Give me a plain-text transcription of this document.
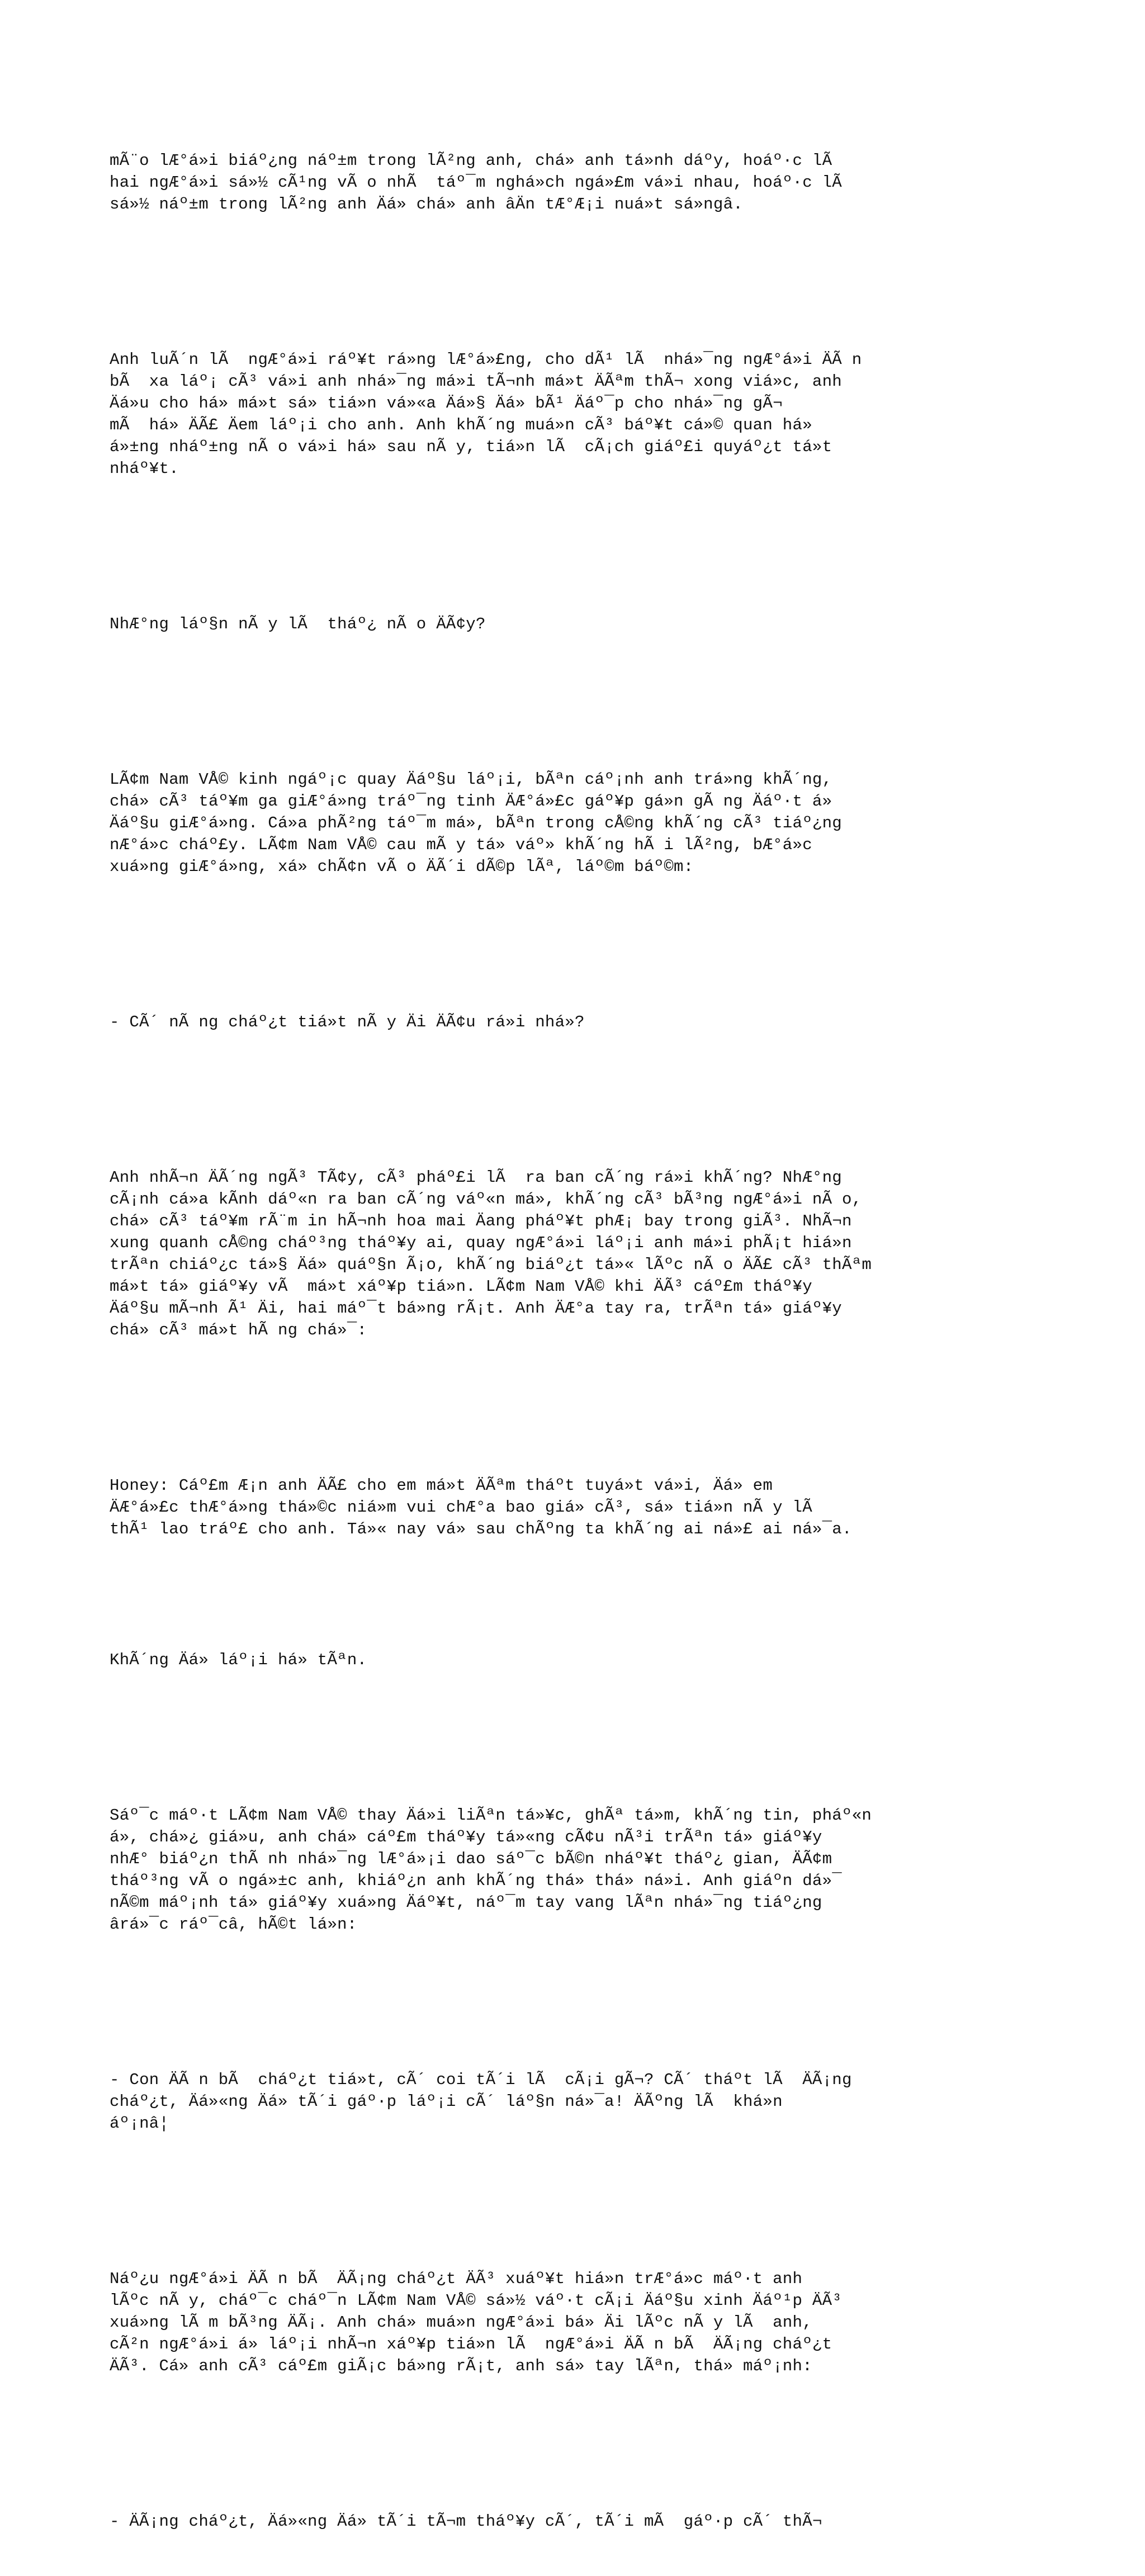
mÃ¨o lÆ°á»i biáº¿ng náº±m trong lÃ²ng anh, chá» anh tá»nh dáºy, hoáº·c lÃ
hai ngÆ°á»i sá»½ cÃ¹ng vÃ o nhÃ  táº¯m nghá»ch ngá»£m vá»i nhau, hoáº·c lÃ
sá»½ náº±m trong lÃ²ng anh Äá» chá» anh âÄn tÆ°Æ¡i nuá»t sá»ngâ.

Anh luÃ´n lÃ  ngÆ°á»i ráº¥t rá»ng lÆ°á»£ng, cho dÃ¹ lÃ  nhá»¯ng ngÆ°á»i ÄÃ n
bÃ  xa láº¡ cÃ³ vá»i anh nhá»¯ng má»i tÃ¬nh má»t ÄÃªm thÃ¬ xong viá»c, anh
Äá»u cho há» má»t sá» tiá»n vá»«a Äá»§ Äá» bÃ¹ Äáº¯p cho nhá»¯ng gÃ¬
mÃ  há» ÄÃ£ Äem láº¡i cho anh. Anh khÃ´ng muá»n cÃ³ báº¥t cá»© quan há»
á»±ng nháº±ng nÃ o vá»i há» sau nÃ y, tiá»n lÃ  cÃ¡ch giáº£i quyáº¿t tá»t
nháº¥t.

NhÆ°ng láº§n nÃ y lÃ  tháº¿ nÃ o ÄÃ¢y?

LÃ¢m Nam VÅ© kinh ngáº¡c quay Äáº§u láº¡i, bÃªn cáº¡nh anh trá»ng khÃ´ng,
chá» cÃ³ táº¥m ga giÆ°á»ng tráº¯ng tinh ÄÆ°á»£c gáº¥p gá»n gÃ ng Äáº·t á»
Äáº§u giÆ°á»ng. Cá»a phÃ²ng táº¯m má», bÃªn trong cÅ©ng khÃ´ng cÃ³ tiáº¿ng
nÆ°á»c cháº£y. LÃ¢m Nam VÅ© cau mÃ y tá» váº» khÃ´ng hÃ i lÃ²ng, bÆ°á»c
xuá»ng giÆ°á»ng, xá» chÃ¢n vÃ o ÄÃ´i dÃ©p lÃª, láº©m báº©m:

- CÃ´ nÃ ng cháº¿t tiá»t nÃ y Äi ÄÃ¢u rá»i nhá»?

Anh nhÃ¬n ÄÃ´ng ngÃ³ TÃ¢y, cÃ³ pháº£i lÃ  ra ban cÃ´ng rá»i khÃ´ng? NhÆ°ng
cÃ¡nh cá»a kÃnh dáº«n ra ban cÃ´ng váº«n má», khÃ´ng cÃ³ bÃ³ng ngÆ°á»i nÃ o,
chá» cÃ³ táº¥m rÃ¨m in hÃ¬nh hoa mai Äang pháº¥t phÆ¡ bay trong giÃ³. NhÃ¬n
xung quanh cÅ©ng cháº³ng tháº¥y ai, quay ngÆ°á»i láº¡i anh má»i phÃ¡t hiá»n
trÃªn chiáº¿c tá»§ Äá» quáº§n Ã¡o, khÃ´ng biáº¿t tá»« lÃºc nÃ o ÄÃ£ cÃ³ thÃªm
má»t tá» giáº¥y vÃ  má»t xáº¥p tiá»n. LÃ¢m Nam VÅ© khi ÄÃ³ cáº£m tháº¥y
Äáº§u mÃ¬nh Ã¹ Äi, hai máº¯t bá»ng rÃ¡t. Anh ÄÆ°a tay ra, trÃªn tá» giáº¥y
chá» cÃ³ má»t hÃ ng chá»¯:

Honey: Cáº£m Æ¡n anh ÄÃ£ cho em má»t ÄÃªm tháºt tuyá»t vá»i, Äá» em
ÄÆ°á»£c thÆ°á»ng thá»©c niá»m vui chÆ°a bao giá» cÃ³, sá» tiá»n nÃ y lÃ
thÃ¹ lao tráº£ cho anh. Tá»« nay vá» sau chÃºng ta khÃ´ng ai ná»£ ai ná»¯a.

KhÃ´ng Äá» láº¡i há» tÃªn.

Sáº¯c máº·t LÃ¢m Nam VÅ© thay Äá»i liÃªn tá»¥c, ghÃª tá»m, khÃ´ng tin, pháº«n
á», chá»¿ giá»u, anh chá» cáº£m tháº¥y tá»«ng cÃ¢u nÃ³i trÃªn tá» giáº¥y
nhÆ° biáº¿n thÃ nh nhá»¯ng lÆ°á»¡i dao sáº¯c bÃ©n nháº¥t tháº¿ gian, ÄÃ¢m
tháº³ng vÃ o ngá»±c anh, khiáº¿n anh khÃ´ng thá» thá» ná»i. Anh giáºn dá»¯
nÃ©m máº¡nh tá» giáº¥y xuá»ng Äáº¥t, náº¯m tay vang lÃªn nhá»¯ng tiáº¿ng
ârá»¯c ráº¯câ, hÃ©t lá»n:

- Con ÄÃ n bÃ  cháº¿t tiá»t, cÃ´ coi tÃ´i lÃ  cÃ¡i gÃ¬? CÃ´ tháºt lÃ  ÄÃ¡ng
cháº¿t, Äá»«ng Äá» tÃ´i gáº·p láº¡i cÃ´ láº§n ná»¯a! ÄÃºng lÃ  khá»n
áº¡nâ¦

Náº¿u ngÆ°á»i ÄÃ n bÃ  ÄÃ¡ng cháº¿t ÄÃ³ xuáº¥t hiá»n trÆ°á»c máº·t anh
lÃºc nÃ y, cháº¯c cháº¯n LÃ¢m Nam VÅ© sá»½ váº·t cÃ¡i Äáº§u xinh Äáº¹p ÄÃ³
xuá»ng lÃ m bÃ³ng ÄÃ¡. Anh chá» muá»n ngÆ°á»i bá» Äi lÃºc nÃ y lÃ  anh,
cÃ²n ngÆ°á»i á» láº¡i nhÃ¬n xáº¥p tiá»n lÃ  ngÆ°á»i ÄÃ n bÃ  ÄÃ¡ng cháº¿t
ÄÃ³. Cá» anh cÃ³ cáº£m giÃ¡c bá»ng rÃ¡t, anh sá» tay lÃªn, thá» máº¡nh:

- ÄÃ¡ng cháº¿t, Äá»«ng Äá» tÃ´i tÃ¬m tháº¥y cÃ´, tÃ´i mÃ  gáº·p cÃ´ thÃ¬
